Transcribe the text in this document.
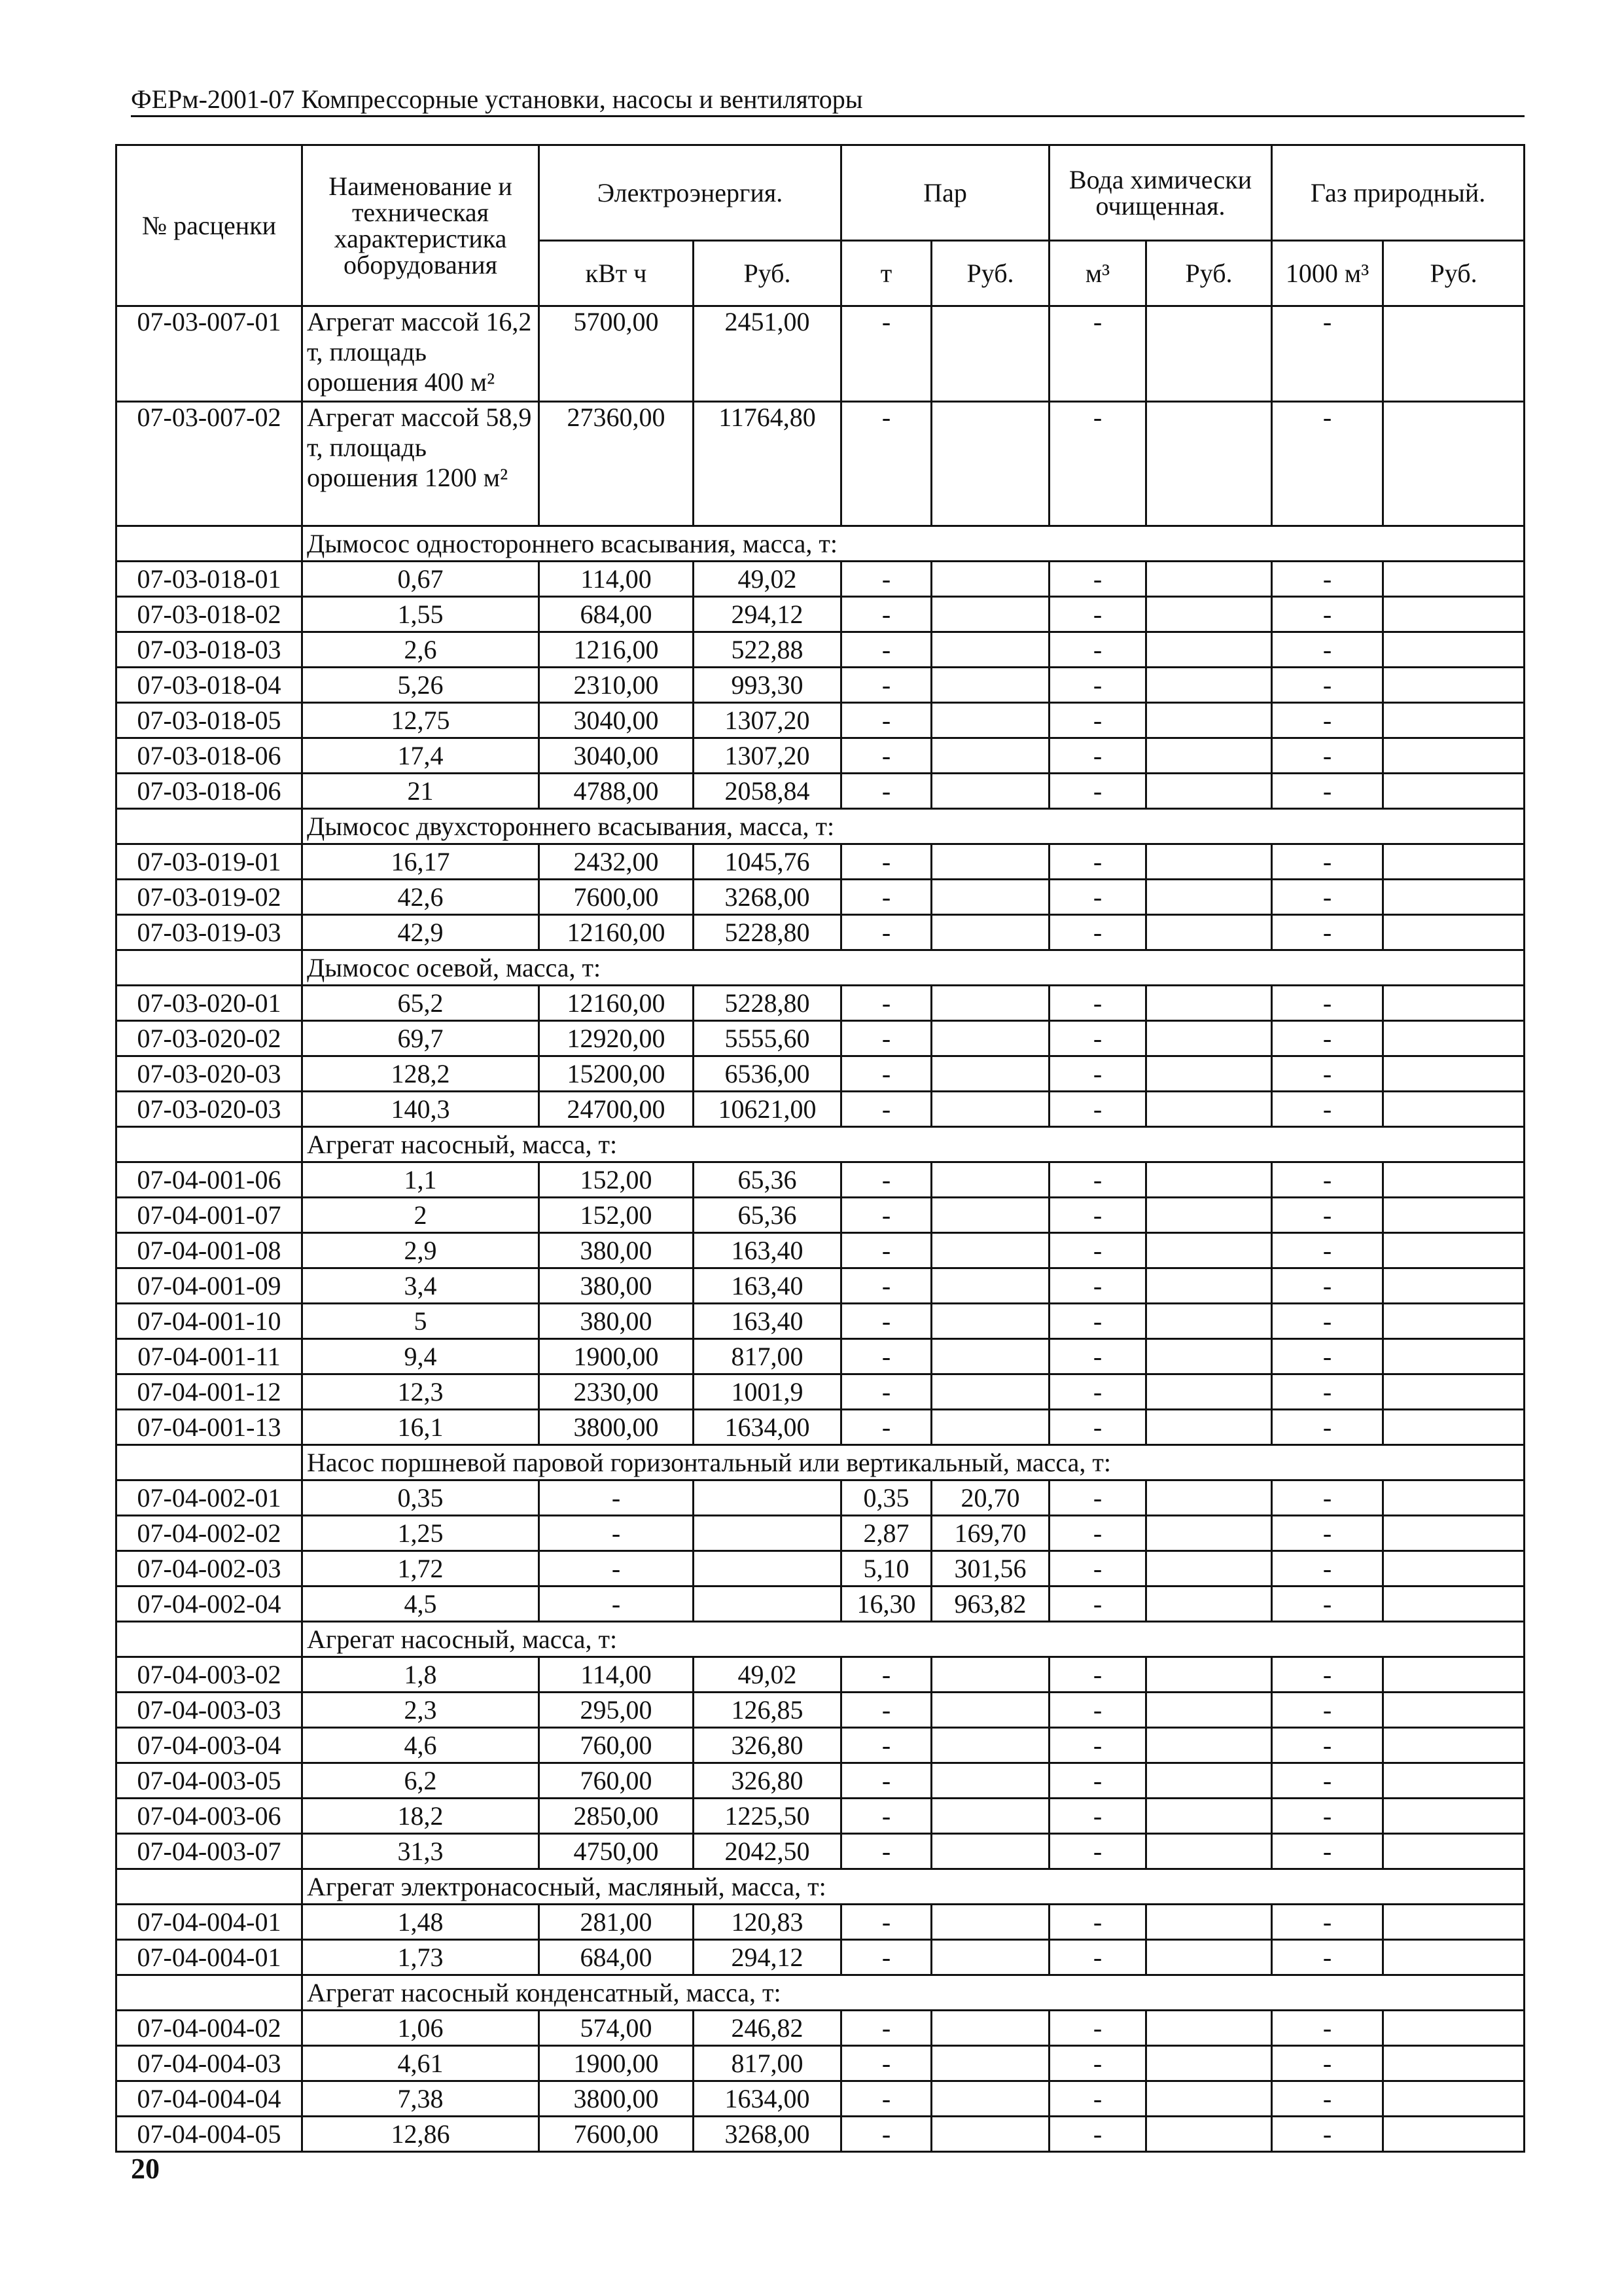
ФЕРм-2001-07 Компрессорные установки, насосы и вентиляторы
№ расценки	Наименование и техническая характеристика оборудования	Электроэнергия.		Пар		Вода химически очищенная.		Газ природный.	
		кВт ч	Руб.	т	Руб.	м³	Руб.	1000 м³	Руб.
07-03-007-01	Агрегат массой 16,2 т, площадь орошения 400 м²	5700,00	2451,00	-		-		-	
07-03-007-02	Агрегат массой 58,9 т, площадь орошения 1200 м²	27360,00	11764,80	-		-		-	
	Дымосос одностороннего всасывания, масса, т:								
07-03-018-01	0,67	114,00	49,02	-		-		-	
07-03-018-02	1,55	684,00	294,12	-		-		-	
07-03-018-03	2,6	1216,00	522,88	-		-		-	
07-03-018-04	5,26	2310,00	993,30	-		-		-	
07-03-018-05	12,75	3040,00	1307,20	-		-		-	
07-03-018-06	17,4	3040,00	1307,20	-		-		-	
07-03-018-06	21	4788,00	2058,84	-		-		-	
	Дымосос двухстороннего всасывания, масса, т:								
07-03-019-01	16,17	2432,00	1045,76	-		-		-	
07-03-019-02	42,6	7600,00	3268,00	-		-		-	
07-03-019-03	42,9	12160,00	5228,80	-		-		-	
	Дымосос осевой, масса, т:								
07-03-020-01	65,2	12160,00	5228,80	-		-		-	
07-03-020-02	69,7	12920,00	5555,60	-		-		-	
07-03-020-03	128,2	15200,00	6536,00	-		-		-	
07-03-020-03	140,3	24700,00	10621,00	-		-		-	
	Агрегат насосный, масса, т:								
07-04-001-06	1,1	152,00	65,36	-		-		-	
07-04-001-07	2	152,00	65,36	-		-		-	
07-04-001-08	2,9	380,00	163,40	-		-		-	
07-04-001-09	3,4	380,00	163,40	-		-		-	
07-04-001-10	5	380,00	163,40	-		-		-	
07-04-001-11	9,4	1900,00	817,00	-		-		-	
07-04-001-12	12,3	2330,00	1001,9	-		-		-	
07-04-001-13	16,1	3800,00	1634,00	-		-		-	
	Насос поршневой паровой горизонтальный или вертикальный, масса, т:								
07-04-002-01	0,35	-		0,35	20,70	-		-	
07-04-002-02	1,25	-		2,87	169,70	-		-	
07-04-002-03	1,72	-		5,10	301,56	-		-	
07-04-002-04	4,5	-		16,30	963,82	-		-	
	Агрегат насосный, масса, т:								
07-04-003-02	1,8	114,00	49,02	-		-		-	
07-04-003-03	2,3	295,00	126,85	-		-		-	
07-04-003-04	4,6	760,00	326,80	-		-		-	
07-04-003-05	6,2	760,00	326,80	-		-		-	
07-04-003-06	18,2	2850,00	1225,50	-		-		-	
07-04-003-07	31,3	4750,00	2042,50	-		-		-	
	Агрегат электронасосный, масляный, масса, т:								
07-04-004-01	1,48	281,00	120,83	-		-		-	
07-04-004-01	1,73	684,00	294,12	-		-		-	
	Агрегат насосный конденсатный, масса, т:								
07-04-004-02	1,06	574,00	246,82	-		-		-	
07-04-004-03	4,61	1900,00	817,00	-		-		-	
07-04-004-04	7,38	3800,00	1634,00	-		-		-	
07-04-004-05	12,86	7600,00	3268,00	-		-		-	
20
